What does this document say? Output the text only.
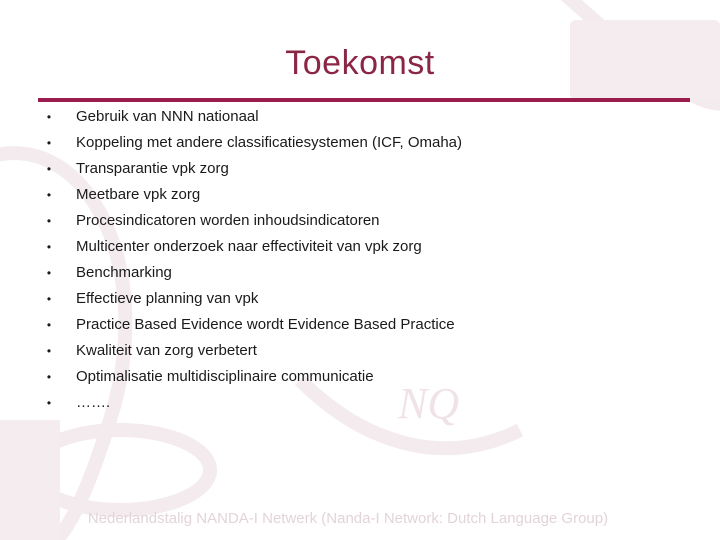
NQ
Toekomst
• Gebruik van NNN nationaal
• Koppeling met andere classificatiesystemen (ICF, Omaha)
• Transparantie vpk zorg
• Meetbare vpk zorg
• Procesindicatoren worden inhoudsindicatoren
• Multicenter onderzoek naar effectiviteit van vpk zorg
• Benchmarking
• Effectieve planning van vpk
• Practice Based Evidence wordt Evidence Based Practice
• Kwaliteit van zorg verbetert
• Optimalisatie multidisciplinaire communicatie
• …….
Nederlandstalig NANDA-I Netwerk (Nanda-I Network: Dutch Language Group)
